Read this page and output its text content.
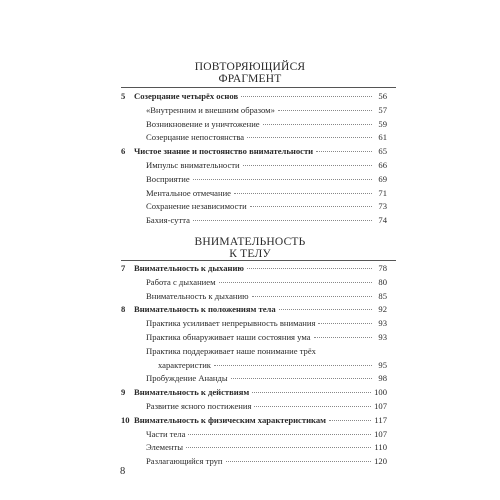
ПОВТОРЯЮЩИЙСЯ
ФРАГМЕНТ
5	Созерцание четырёх основ	56
«Внутренним и внешним образом»	57
Возникновение и уничтожение	59
Созерцание непостоянства	61
6	Чистое знание и постоянство внимательности	65
Импульс внимательности	66
Восприятие	69
Ментальное отмечание	71
Сохранение независимости	73
Бахия-сутта	74
ВНИМАТЕЛЬНОСТЬ
К ТЕЛУ
7	Внимательность к дыханию	78
Работа с дыханием	80
Внимательность к дыханию	85
8	Внимательность к положениям тела	92
Практика усиливает непрерывность внимания	93
Практика обнаруживает наши состояния ума	93
Практика поддерживает наше понимание трёх
характеристик	95
Пробуждение Ананды	98
9	Внимательность к действиям	100
Развитие ясного постижения	107
10 Внимательность к физическим характеристикам	117
Части тела	107
Элементы	110
Разлагающийся труп	120
8
